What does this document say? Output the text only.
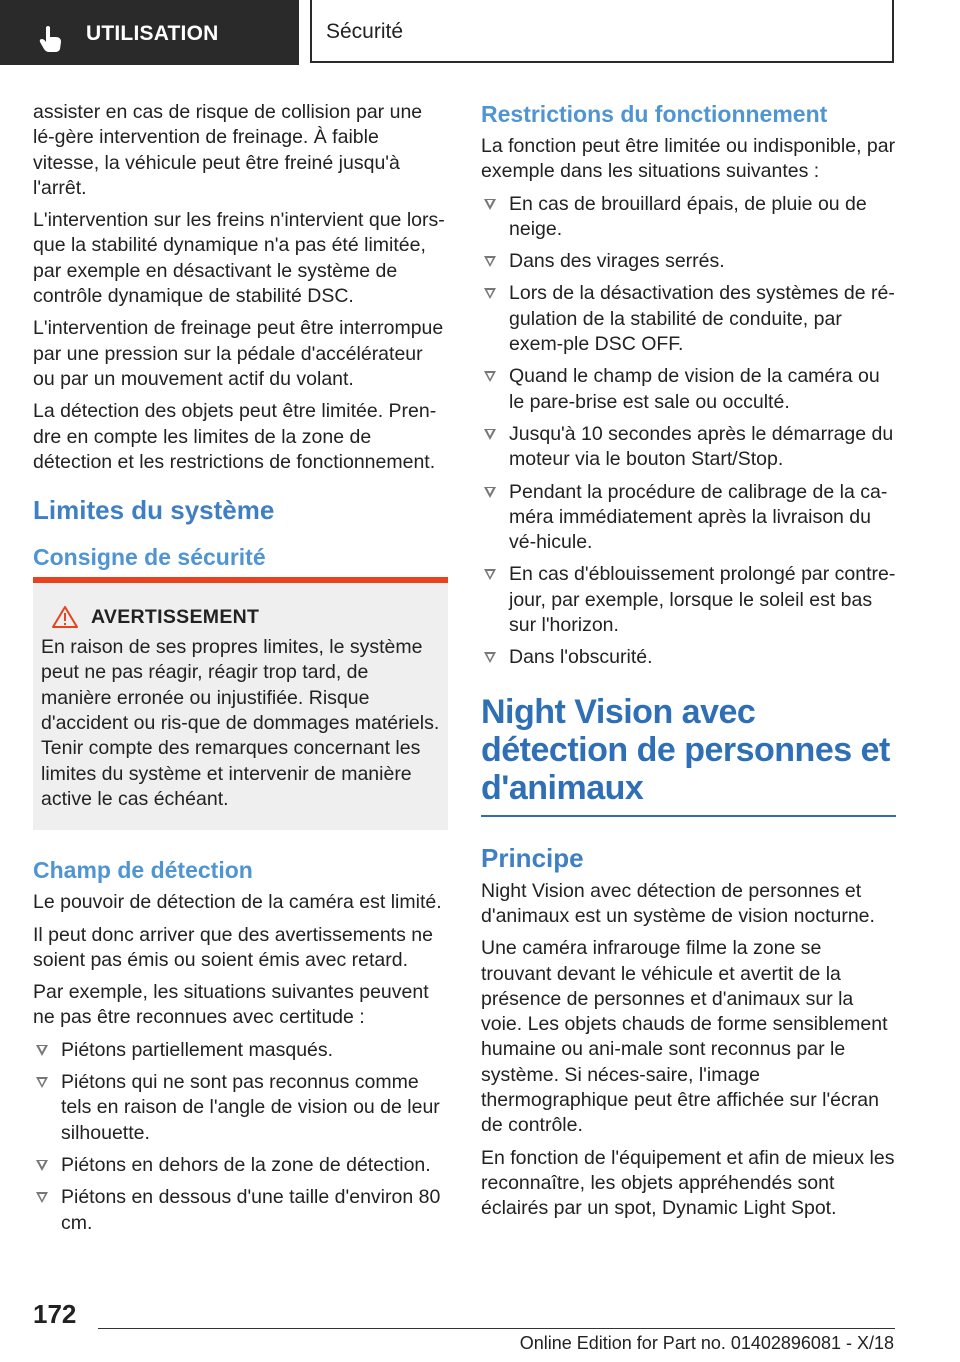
UTILISATION	Sécurité

assister en cas de risque de collision par une lé-gère intervention de freinage. À faible vitesse, la véhicule peut être freiné jusqu'à l'arrêt.

L'intervention sur les freins n'intervient que lors-que la stabilité dynamique n'a pas été limitée, par exemple en désactivant le système de contrôle dynamique de stabilité DSC.

L'intervention de freinage peut être interrompue par une pression sur la pédale d'accélérateur ou par un mouvement actif du volant.

La détection des objets peut être limitée. Pren-dre en compte les limites de la zone de détection et les restrictions de fonctionnement.

Limites du système
Consigne de sécurité
AVERTISSEMENT

En raison de ses propres limites, le système peut ne pas réagir, réagir trop tard, de manière erronée ou injustifiée. Risque d'accident ou ris-que de dommages matériels. Tenir compte des remarques concernant les limites du système et intervenir de manière active le cas échéant.

Champ de détection

Le pouvoir de détection de la caméra est limité.

Il peut donc arriver que des avertissements ne soient pas émis ou soient émis avec retard.

Par exemple, les situations suivantes peuvent ne pas être reconnues avec certitude :

Piétons partiellement masqués.
Piétons qui ne sont pas reconnus comme tels en raison de l'angle de vision ou de leur silhouette.
Piétons en dehors de la zone de détection.
Piétons en dessous d'une taille d'environ 80 cm.
Restrictions du fonctionnement

La fonction peut être limitée ou indisponible, par exemple dans les situations suivantes :

En cas de brouillard épais, de pluie ou de neige.
Dans des virages serrés.
Lors de la désactivation des systèmes de ré-gulation de la stabilité de conduite, par exem-ple DSC OFF.
Quand le champ de vision de la caméra ou le pare-brise est sale ou occulté.
Jusqu'à 10 secondes après le démarrage du moteur via le bouton Start/Stop.
Pendant la procédure de calibrage de la ca-méra immédiatement après la livraison du vé-hicule.
En cas d'éblouissement prolongé par contre-jour, par exemple, lorsque le soleil est bas sur l'horizon.
Dans l'obscurité.
Night Vision avec détection de personnes et d'animaux
Principe

Night Vision avec détection de personnes et d'animaux est un système de vision nocturne.

Une caméra infrarouge filme la zone se trouvant devant le véhicule et avertit de la présence de personnes et d'animaux sur la voie. Les objets chauds de forme sensiblement humaine ou ani-male sont reconnus par le système. Si néces-saire, l'image thermographique peut être affichée sur l'écran de contrôle.

En fonction de l'équipement et afin de mieux les reconnaître, les objets appréhendés sont éclairés par un spot, Dynamic Light Spot.

172
Online Edition for Part no. 01402896081 - X/18
